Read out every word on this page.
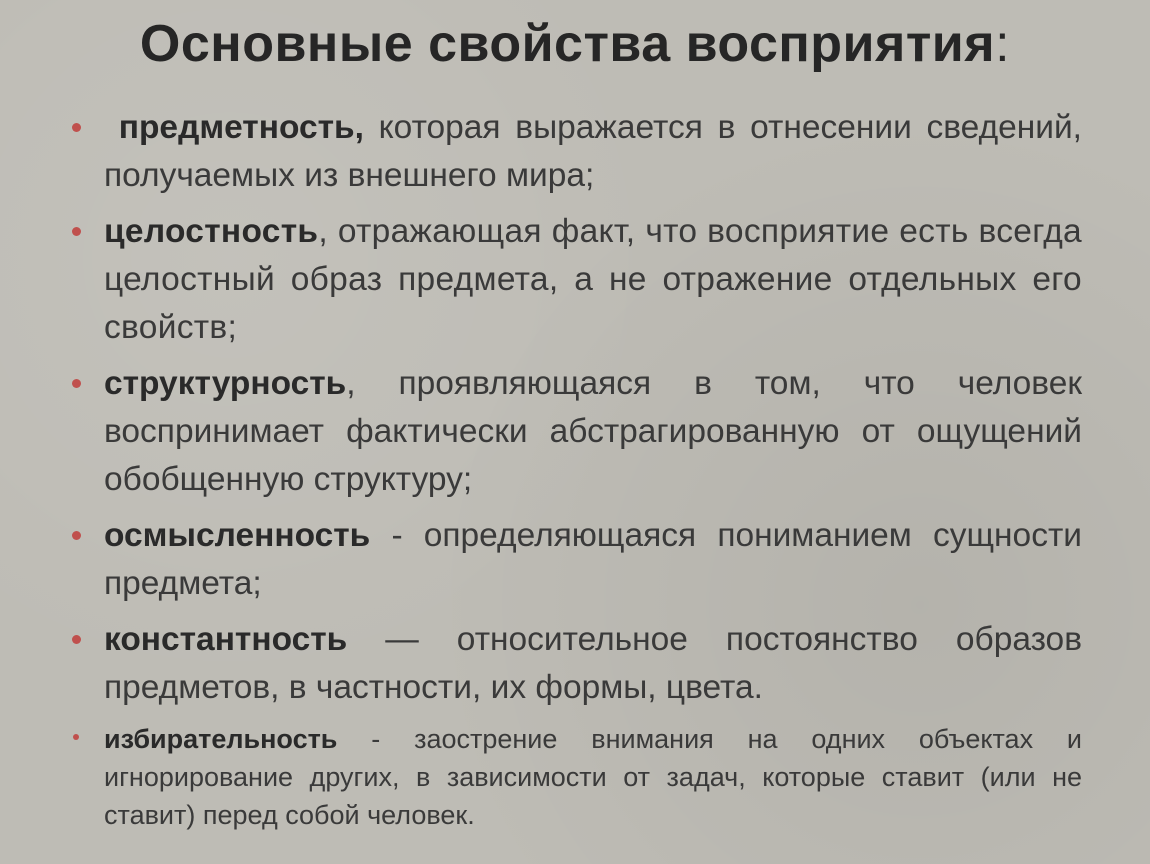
Основные свойства восприятия:
предметность, которая выражается в отнесении сведений, получаемых из внешнего мира;
целостность, отражающая факт, что восприятие есть всегда целостный образ предмета, а не отражение отдельных его свойств;
структурность, проявляющаяся в том, что человек воспринимает фактически абстрагированную от ощущений обобщенную структуру;
осмысленность - определяющаяся пониманием сущности предмета;
константность — относительное постоянство образов предметов, в частности, их формы, цвета.
избирательность - заострение внимания на одних объектах и игнорирование других, в зависимости от задач, которые ставит (или не ставит) перед собой человек.
